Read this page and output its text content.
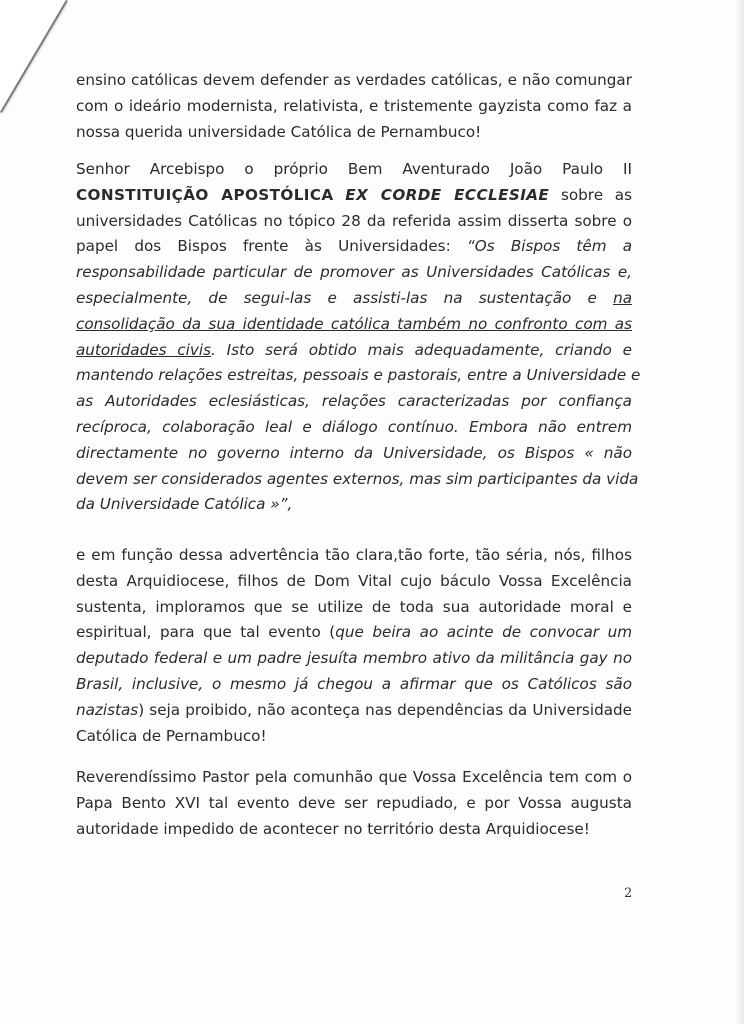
ensino católicas devem defender as verdades católicas, e não comungar
com o ideário modernista, relativista, e tristemente gayzista como faz a
nossa querida universidade Católica de Pernambuco!
Senhor Arcebispo o próprio Bem Aventurado João Paulo II
CONSTITUIÇÃO APOSTÓLICA EX CORDE ECCLESIAE sobre as
universidades Católicas no tópico 28 da referida assim disserta sobre o
papel dos Bispos frente às Universidades: “Os Bispos têm a
responsabilidade particular de promover as Universidades Católicas e,
especialmente, de segui-las e assisti-las na sustentação e na
consolidação da sua identidade católica também no confronto com as
autoridades civis. Isto será obtido mais adequadamente, criando e
mantendo relações estreitas, pessoais e pastorais, entre a Universidade e
as Autoridades eclesiásticas, relações caracterizadas por confiança
recíproca, colaboração leal e diálogo contínuo. Embora não entrem
directamente no governo interno da Universidade, os Bispos « não
devem ser considerados agentes externos, mas sim participantes da vida
da Universidade Católica »”,
e em função dessa advertência tão clara,tão forte, tão séria, nós, filhos
desta Arquidiocese, filhos de Dom Vital cujo báculo Vossa Excelência
sustenta, imploramos que se utilize de toda sua autoridade moral e
espiritual, para que tal evento (que beira ao acinte de convocar um
deputado federal e um padre jesuíta membro ativo da militância gay no
Brasil, inclusive, o mesmo já chegou a afirmar que os Católicos são
nazistas) seja proibido, não aconteça nas dependências da Universidade
Católica de Pernambuco!
Reverendíssimo Pastor pela comunhão que Vossa Excelência tem com o
Papa Bento XVI tal evento deve ser repudiado, e por Vossa augusta
autoridade impedido de acontecer no território desta Arquidiocese!
2
